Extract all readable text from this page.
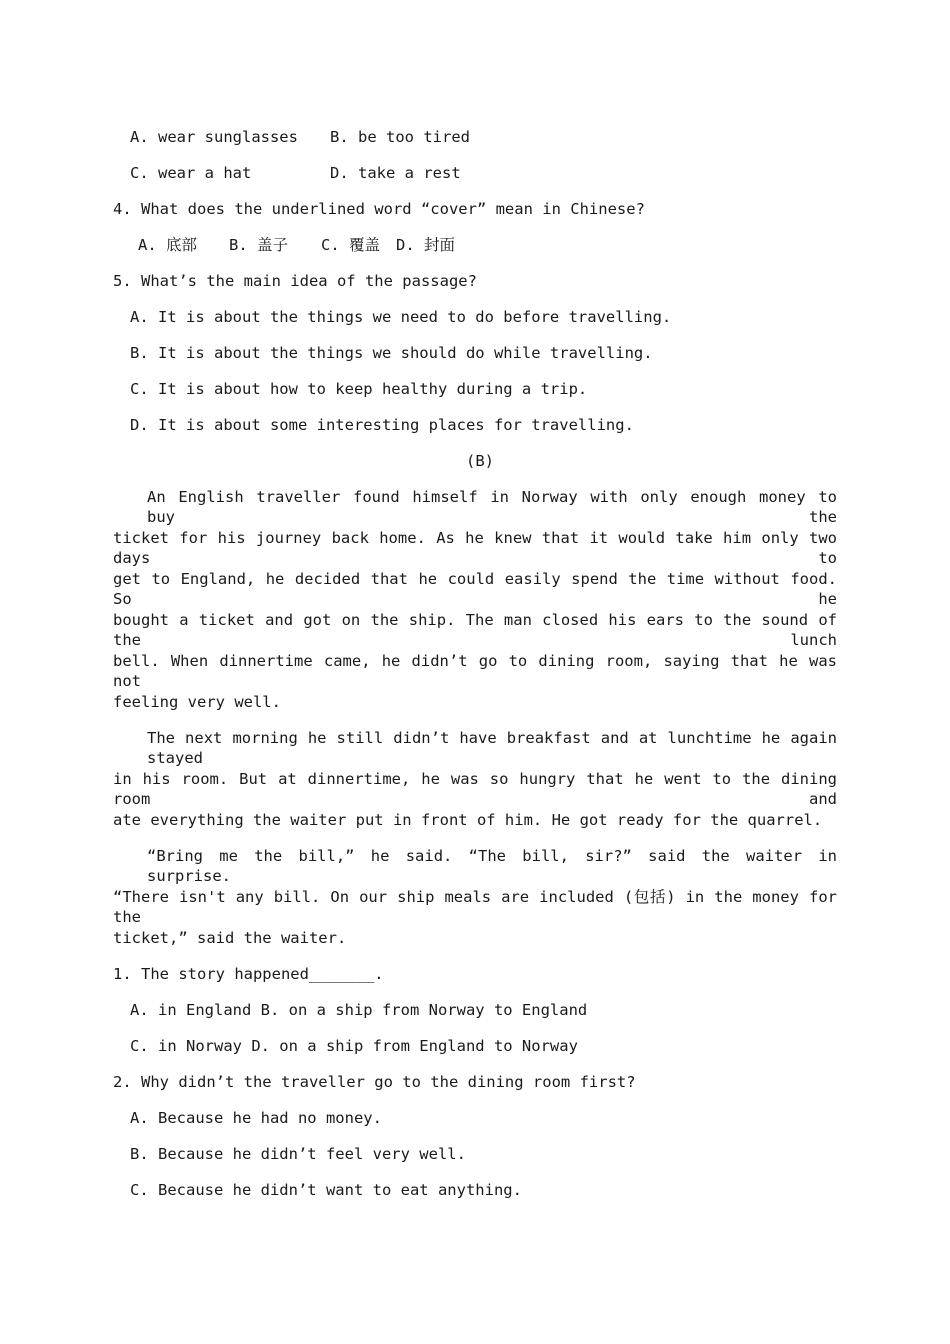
A. wear sunglasses B. be too tired
C. wear a hat	D. take a rest
4. What does the underlined word “cover” mean in Chinese?
A. 底部 B. 盖子 C. 覆盖 D. 封面
5. What’s the main idea of the passage?
A. It is about the things we need to do before travelling.
B. It is about the things we should do while travelling.
C. It is about how to keep healthy during a trip.
D. It is about some interesting places for travelling.
(B)
An English traveller found himself in Norway with only enough money to buy the
ticket for his journey back home. As he knew that it would take him only two days to
get to England, he decided that he could easily spend the time without food. So he
bought a ticket and got on the ship. The man closed his ears to the sound of the lunch
bell. When dinnertime came, he didn’t go to dining room, saying that he was not
feeling very well.
The next morning he still didn’t have breakfast and at lunchtime he again stayed
in his room. But at dinnertime, he was so hungry that he went to the dining room and
ate everything the waiter put in front of him. He got ready for the quarrel.
“Bring me the bill,” he said. “The bill, sir?” said the waiter in surprise.
“There isn't any bill. On our ship meals are included (包括) in the money for the
ticket,” said the waiter.
1. The story happened_______.
A. in England B. on a ship from Norway to England
C. in Norway D. on a ship from England to Norway
2. Why didn’t the traveller go to the dining room first?
A. Because he had no money.
B. Because he didn’t feel very well.
C. Because he didn’t want to eat anything.
